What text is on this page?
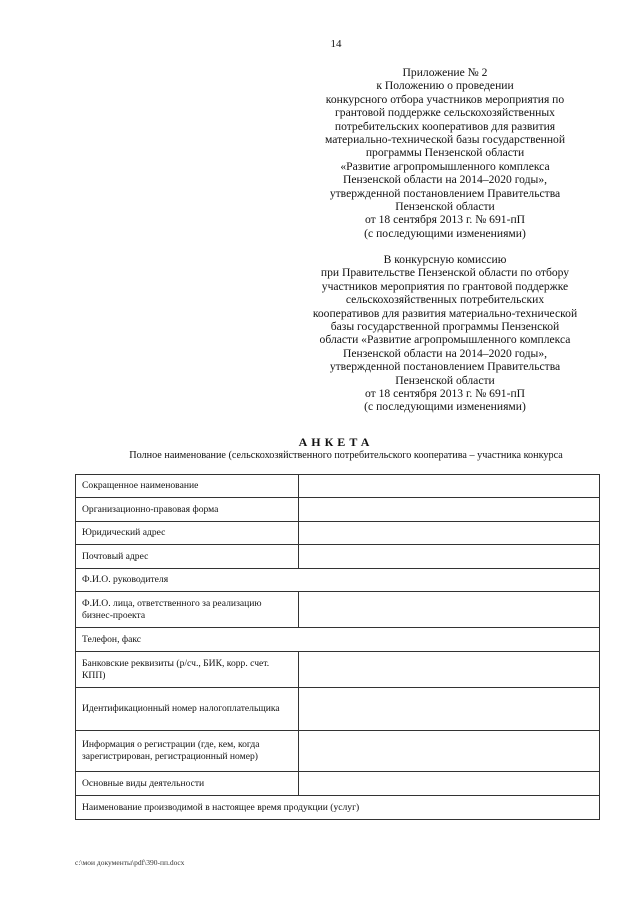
14
Приложение № 2
к Положению о проведении
конкурсного отбора участников мероприятия по
грантовой поддержке сельскохозяйственных
потребительских кооперативов для развития
материально-технической базы государственной
программы Пензенской области
«Развитие агропромышленного комплекса
Пензенской области на 2014–2020 годы»,
утвержденной постановлением Правительства
Пензенской области
от 18 сентября 2013 г. № 691-пП
(с последующими изменениями)
В конкурсную комиссию
при Правительстве Пензенской области по отбору
участников мероприятия по грантовой поддержке
сельскохозяйственных потребительских
кооперативов для развития материально-технической
базы государственной программы Пензенской
области «Развитие агропромышленного комплекса
Пензенской области на 2014–2020 годы»,
утвержденной постановлением Правительства
Пензенской области
от 18 сентября 2013 г. № 691-пП
(с последующими изменениями)
АНКЕТА
Полное наименование (сельскохозяйственного потребительского кооператива – участника конкурса
Сокращенное наименование	
Организационно-правовая форма	
Юридический адрес	
Почтовый адрес	
Ф.И.О. руководителя	
Ф.И.О. лица, ответственного за реализацию бизнес-проекта	
Телефон, факс	
Банковские реквизиты (р/сч., БИК, корр. счет. КПП)	
Идентификационный номер налогоплательщика	
Информация о регистрации (где, кем, когда зарегистрирован, регистрационный номер)	
Основные виды деятельности	
Наименование производимой в настоящее время продукции (услуг)	
c:\мои документы\pdf\390-пп.docx
